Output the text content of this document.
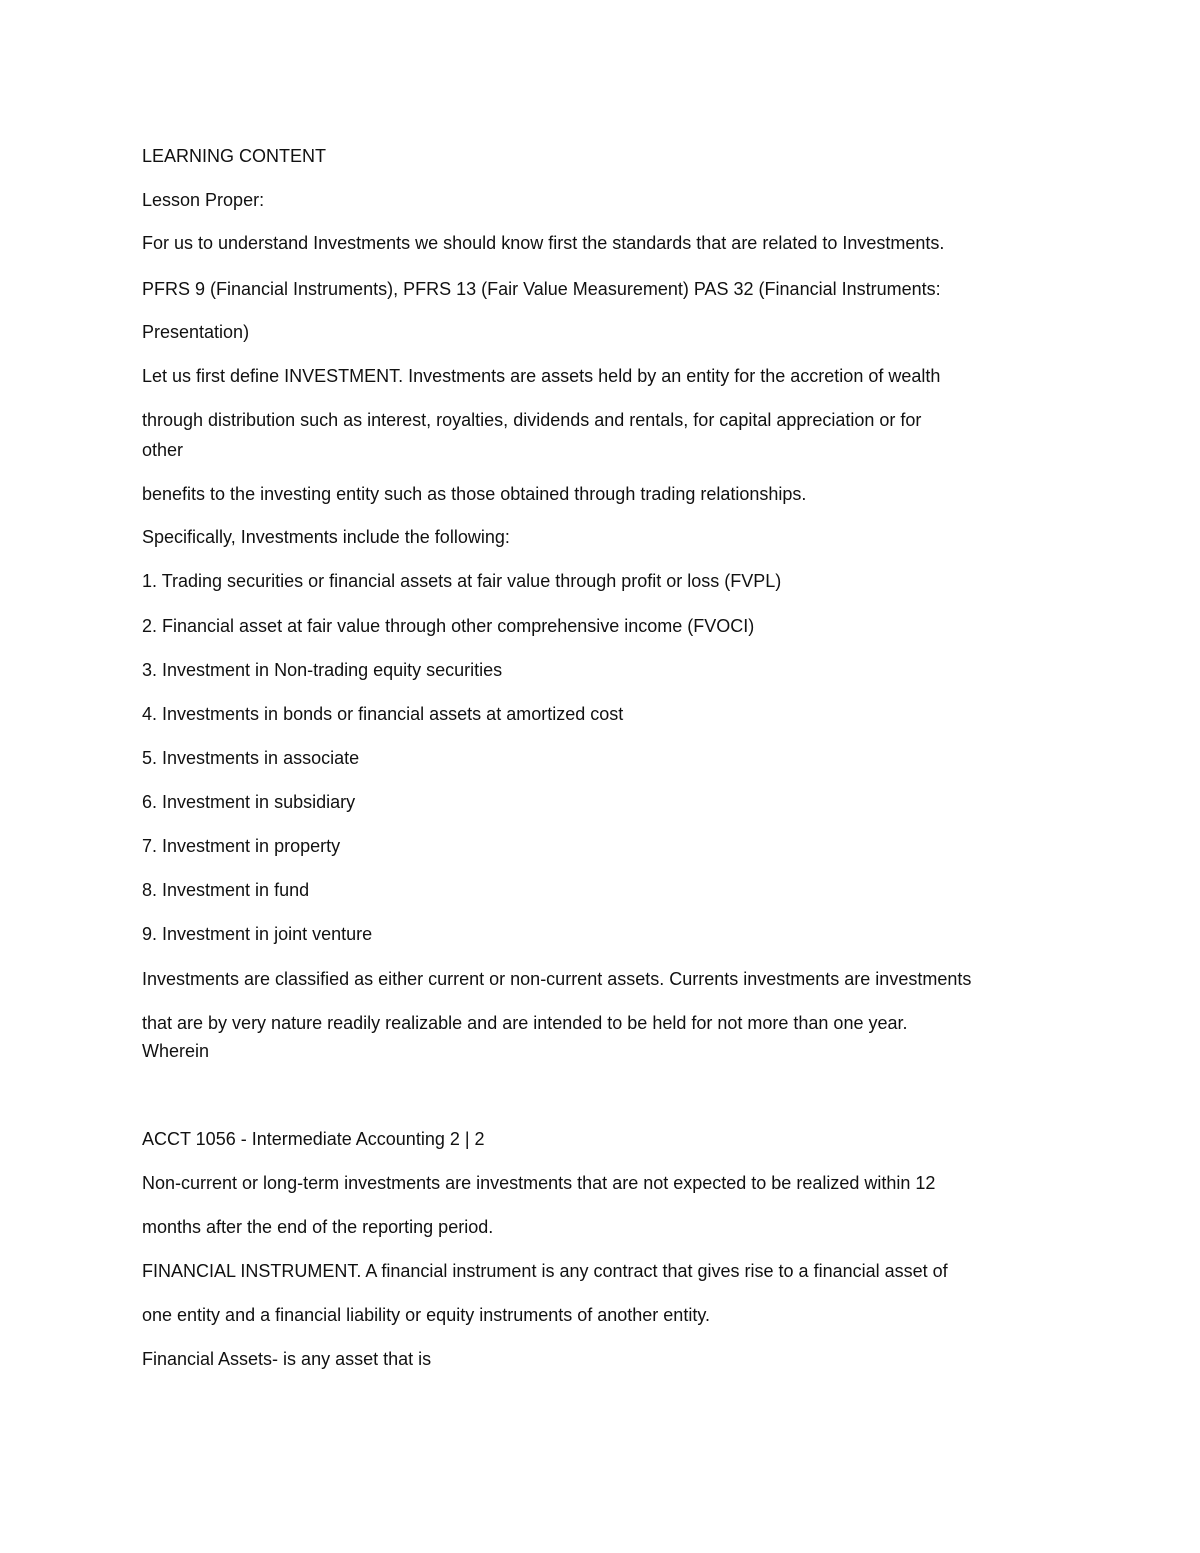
LEARNING CONTENT

Lesson Proper:

For us to understand Investments we should know first the standards that are related to Investments.

PFRS 9 (Financial Instruments), PFRS 13 (Fair Value Measurement) PAS 32 (Financial Instruments:

Presentation)

Let us first define INVESTMENT. Investments are assets held by an entity for the accretion of wealth

through distribution such as interest, royalties, dividends and rentals, for capital appreciation or for

other

benefits to the investing entity such as those obtained through trading relationships.

Specifically, Investments include the following:

1. Trading securities or financial assets at fair value through profit or loss (FVPL)

2. Financial asset at fair value through other comprehensive income (FVOCI)

3. Investment in Non-trading equity securities

4. Investments in bonds or financial assets at amortized cost

5. Investments in associate

6. Investment in subsidiary

7. Investment in property

8. Investment in fund

9. Investment in joint venture

Investments are classified as either current or non-current assets. Currents investments are investments

that are by very nature readily realizable and are intended to be held for not more than one year.

Wherein

ACCT 1056 - Intermediate Accounting 2 | 2

Non-current or long-term investments are investments that are not expected to be realized within 12

months after the end of the reporting period.

FINANCIAL INSTRUMENT. A financial instrument is any contract that gives rise to a financial asset of

one entity and a financial liability or equity instruments of another entity.

Financial Assets- is any asset that is
